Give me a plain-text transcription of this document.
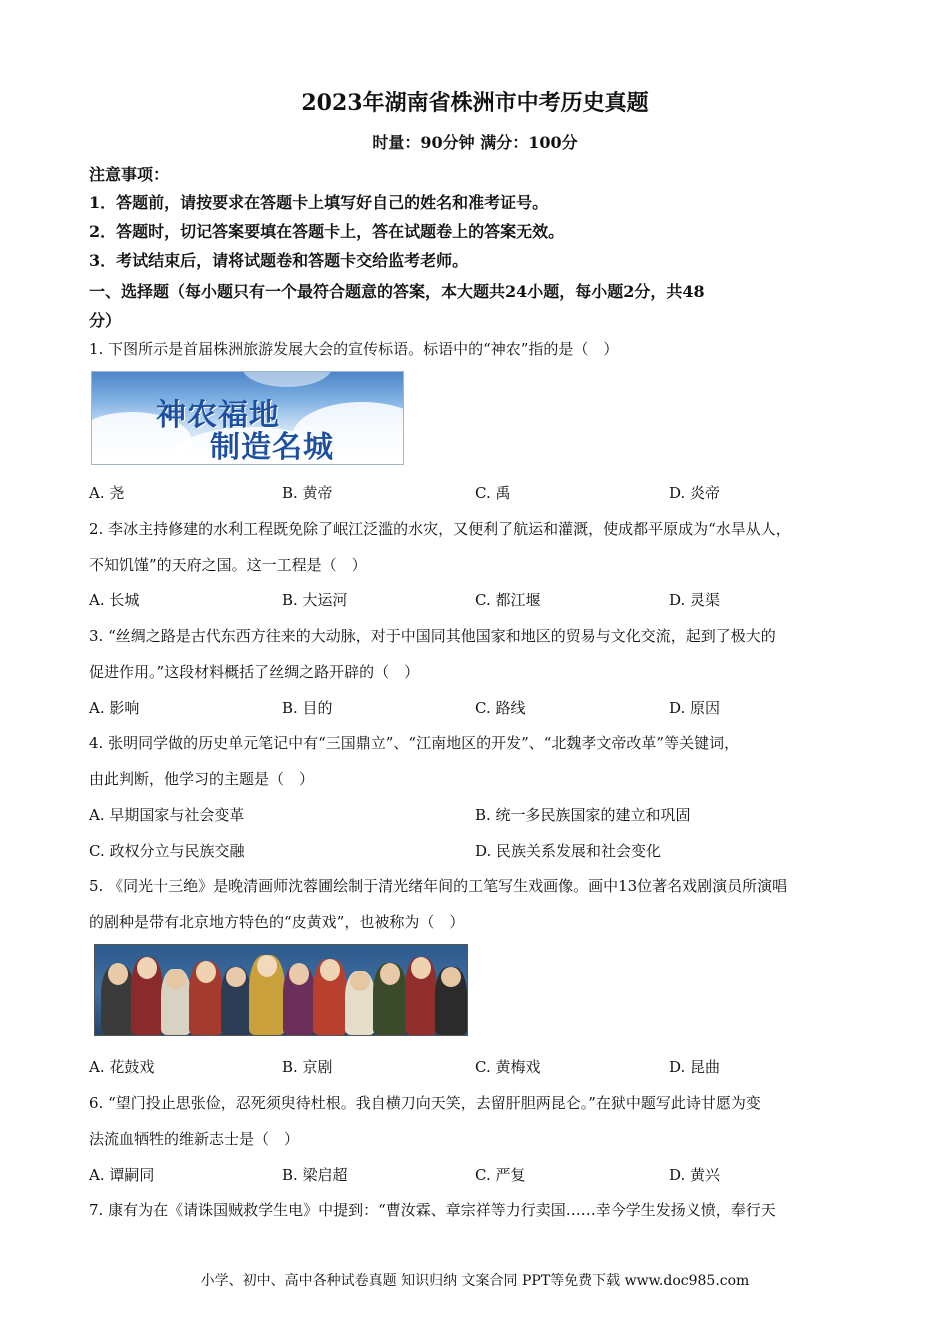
2023年湖南省株洲市中考历史真题
时量：90分钟 满分：100分
注意事项：
1．答题前，请按要求在答题卡上填写好自己的姓名和准考证号。
2．答题时，切记答案要填在答题卡上，答在试题卷上的答案无效。
3．考试结束后，请将试题卷和答题卡交给监考老师。
一、选择题（每小题只有一个最符合题意的答案，本大题共24小题，每小题2分，共48
分）
1. 下图所示是首届株洲旅游发展大会的宣传标语。标语中的“神农”指的是（　）
神农福地
制造名城
A. 尧	B. 黄帝	C. 禹	D. 炎帝
2. 李冰主持修建的水利工程既免除了岷江泛滥的水灾，又便利了航运和灌溉，使成都平原成为“水旱从人，
不知饥馑”的天府之国。这一工程是（　）
A. 长城	B. 大运河	C. 都江堰	D. 灵渠
3. “丝绸之路是古代东西方往来的大动脉，对于中国同其他国家和地区的贸易与文化交流，起到了极大的
促进作用。”这段材料概括了丝绸之路开辟的（　）
A. 影响	B. 目的	C. 路线	D. 原因
4. 张明同学做的历史单元笔记中有“三国鼎立”、“江南地区的开发”、“北魏孝文帝改革”等关键词，
由此判断，他学习的主题是（　）
A. 早期国家与社会变革	B. 统一多民族国家的建立和巩固
C. 政权分立与民族交融	D. 民族关系发展和社会变化
5. 《同光十三绝》是晚清画师沈蓉圃绘制于清光绪年间的工笔写生戏画像。画中13位著名戏剧演员所演唱
的剧种是带有北京地方特色的“皮黄戏”，也被称为（　）
A. 花鼓戏	B. 京剧	C. 黄梅戏	D. 昆曲
6. “望门投止思张俭，忍死须臾待杜根。我自横刀向天笑，去留肝胆两昆仑。”在狱中题写此诗甘愿为变
法流血牺牲的维新志士是（　）
A. 谭嗣同	B. 梁启超	C. 严复	D. 黄兴
7. 康有为在《请诛国贼救学生电》中提到：“曹汝霖、章宗祥等力行卖国……幸今学生发扬义愤，奉行天
小学、初中、高中各种试卷真题 知识归纳 文案合同 PPT等免费下载 www.doc985.com
